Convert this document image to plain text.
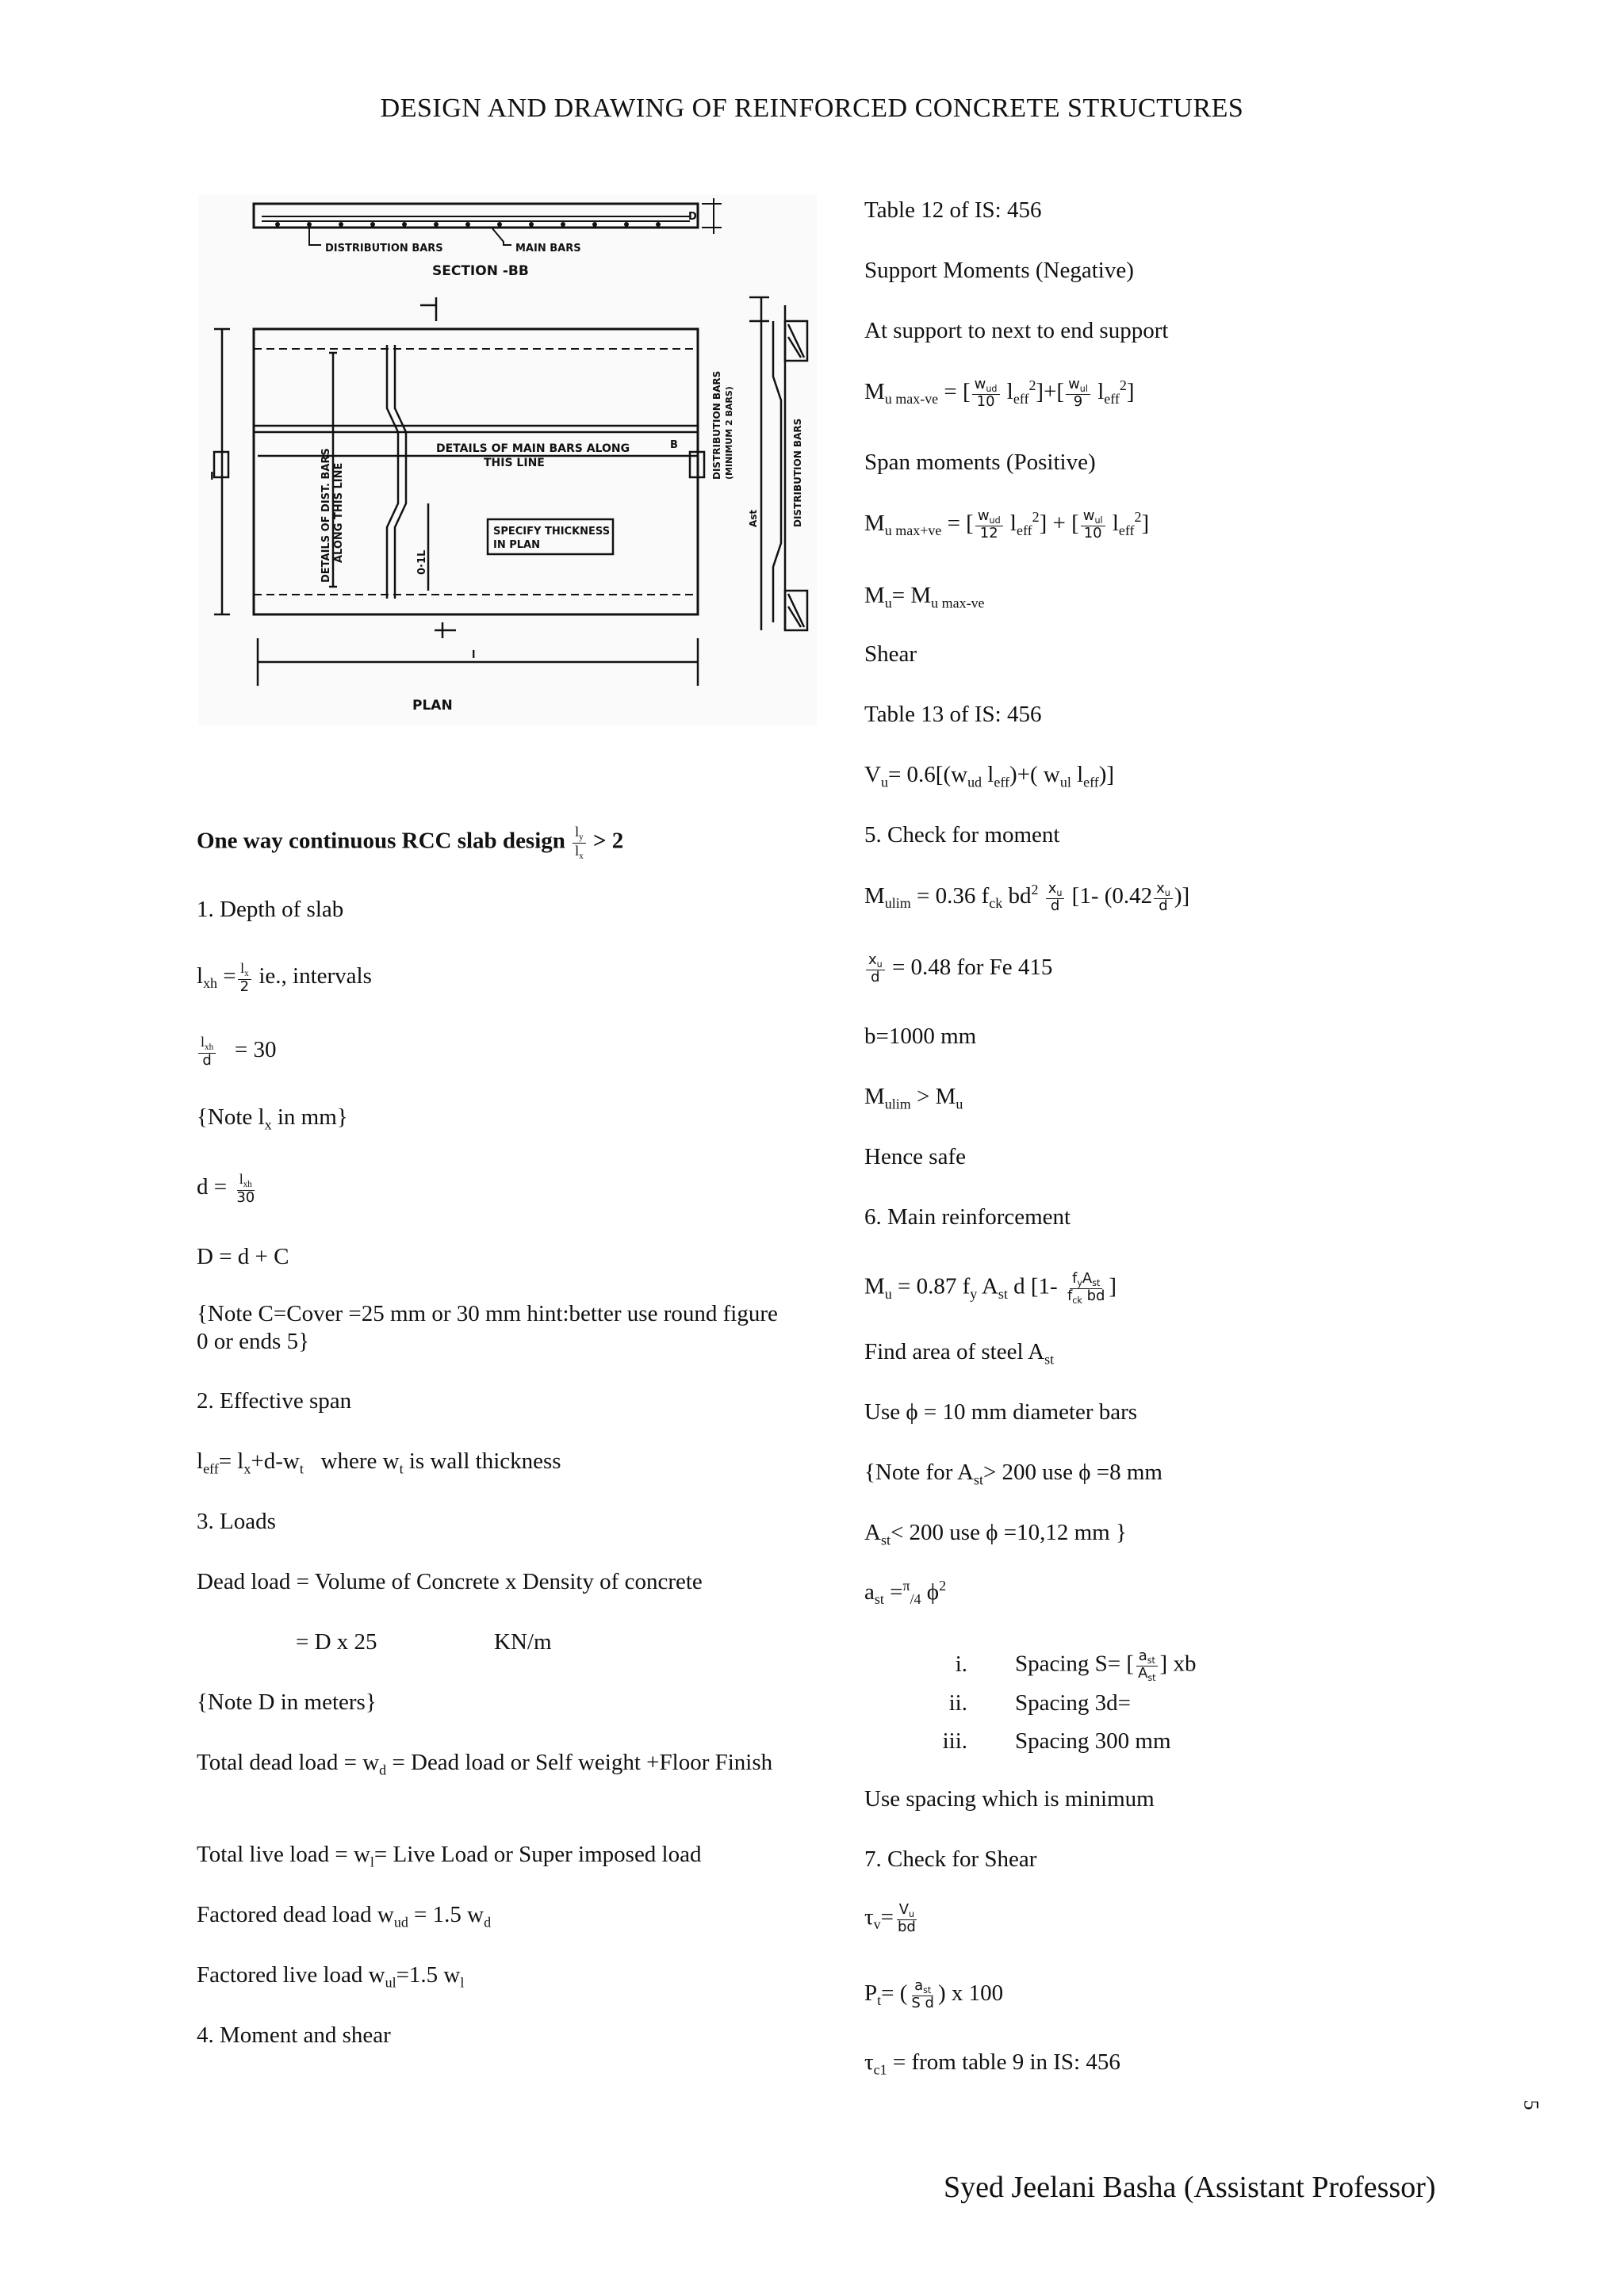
DESIGN AND DRAWING OF REINFORCED CONCRETE STRUCTURES
DISTRIBUTION BARS	MAIN BARS
SECTION -BB
D
DETAILS OF MAIN BARS ALONG
THIS LINE
DETAILS OF DIST. BARS ALONG THIS LINE	SPECIFY THICKNESS
IN PLAN
0·1L
l
B
l
PLAN
DISTRIBUTION BARS (MINIMUM 2 BARS)
Ast	DISTRIBUTION BARS
One way continuous RCC slab design $\frac{l_y}{l_x} > 2$
1. Depth of slab
$l_{xh} = \frac{l_x}{2}$ ie., intervals
$\frac{l_{xh}}{d} = 30$
{Note $l_x$ in mm}
$d = \frac{l_{xh}}{30}$
D = d + C
{Note C=Cover =25 mm or 30 mm hint:better use round figure 0 or ends 5}
2. Effective span
$l_{eff}= l_x+d-w_t$ where $w_t$ is wall thickness
3. Loads
Dead load = Volume of Concrete x Density of concrete
= D x 25	KN/m
{Note D in meters}
Total dead load = $w_d$ = Dead load or Self weight +Floor Finish
Total live load = $w_l=$ Live Load or Super imposed load
Factored dead load $w_{ud} = 1.5$ $w_d$
Factored live load $w_{ul}=1.5$ $w_l$
4. Moment and shear
Table 12 of IS: 456
Support Moments (Negative)
At support to next to end support
$M_{u max-ve}$ = [ $\frac{w_{ud}}{10} l_{eff}^2]+[ \frac{w_{ul}}{9} l_{eff}^2]$
Span moments (Positive)
$M_{u max+ve}$ = [ $\frac{w_{ud}}{12} l_{eff}^2$] + [ $\frac{w_{ul}}{10} l_{eff}^2$]
$M_u= M_{u max-ve}$
Shear
Table 13 of IS: 456
$V_u= 0.6[(w_{ud}$ $l_{eff})+$( $w_{ul}$ $l_{eff}$)]
5. Check for moment
$M_{ulim} = 0.36$ $f_{ck}$ $bd^2 \frac{x_u}{d} [1-$ ($0.42 \frac{x_u}{d}$ )]
$\frac{x_u}{d} = 0.48$ for Fe 415
b=1000 mm
$M_{ulim} > M_u$
Hence safe
6. Main reinforcement
$M_u = 0.87$ $f_y$ $A_{st}$ d [$1- \frac{f_yA_{st}}{f_{ck} bd}$ ]
Find area of steel $A_{st}$
Use ϕ = 10 mm diameter bars
{Note for $A_{st}> 200$ use ϕ =8 mm
$A_{st}< 200$ use ϕ =10,12 mm }
$a_{st} =^\pi_{/4}$ $\phi^2$
i. Spacing S= [ $\frac{a_{st}}{A_{st}}$ ] xb
ii. Spacing 3d=
iii. Spacing 300 mm
Use spacing which is minimum
7. Check for Shear
$\tau_v= \frac{V_u}{bd}$
$P_t=$ ( $\frac{a_{st}}{\text{S d}}$ ) x 100
$\tau_{c1}$ = from table 9 in IS: 456
5
Syed Jeelani Basha (Assistant Professor)
